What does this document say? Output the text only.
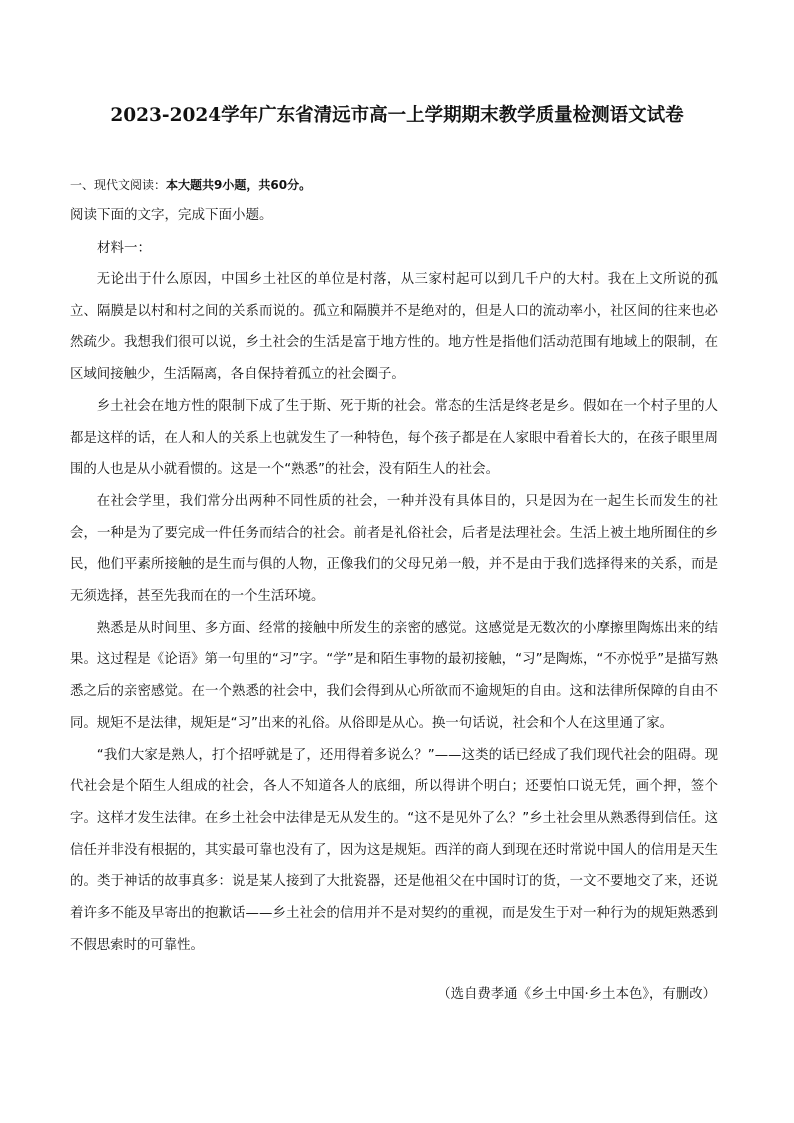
2023-2024学年广东省清远市高一上学期期末教学质量检测语文试卷
一、现代文阅读：本大题共9小题，共60分。
阅读下面的文字，完成下面小题。
材料一：

无论出于什么原因，中国乡土社区的单位是村落，从三家村起可以到几千户的大村。我在上文所说的孤立、隔膜是以村和村之间的关系而说的。孤立和隔膜并不是绝对的，但是人口的流动率小，社区间的往来也必然疏少。我想我们很可以说，乡土社会的生活是富于地方性的。地方性是指他们活动范围有地域上的限制，在区域间接触少，生活隔离，各自保持着孤立的社会圈子。

乡土社会在地方性的限制下成了生于斯、死于斯的社会。常态的生活是终老是乡。假如在一个村子里的人都是这样的话，在人和人的关系上也就发生了一种特色，每个孩子都是在人家眼中看着长大的，在孩子眼里周围的人也是从小就看惯的。这是一个“熟悉”的社会，没有陌生人的社会。

在社会学里，我们常分出两种不同性质的社会，一种并没有具体目的，只是因为在一起生长而发生的社会，一种是为了要完成一件任务而结合的社会。前者是礼俗社会，后者是法理社会。生活上被土地所囿住的乡民，他们平素所接触的是生而与俱的人物，正像我们的父母兄弟一般，并不是由于我们选择得来的关系，而是无须选择，甚至先我而在的一个生活环境。

熟悉是从时间里、多方面、经常的接触中所发生的亲密的感觉。这感觉是无数次的小摩擦里陶炼出来的结果。这过程是《论语》第一句里的“习”字。“学”是和陌生事物的最初接触，“习”是陶炼，“不亦悦乎”是描写熟悉之后的亲密感觉。在一个熟悉的社会中，我们会得到从心所欲而不逾规矩的自由。这和法律所保障的自由不同。规矩不是法律，规矩是“习”出来的礼俗。从俗即是从心。换一句话说，社会和个人在这里通了家。

“我们大家是熟人，打个招呼就是了，还用得着多说么？”——这类的话已经成了我们现代社会的阻碍。现代社会是个陌生人组成的社会，各人不知道各人的底细，所以得讲个明白；还要怕口说无凭，画个押，签个字。这样才发生法律。在乡土社会中法律是无从发生的。“这不是见外了么？”乡土社会里从熟悉得到信任。这信任并非没有根据的，其实最可靠也没有了，因为这是规矩。西洋的商人到现在还时常说中国人的信用是天生的。类于神话的故事真多：说是某人接到了大批瓷器，还是他祖父在中国时订的货，一文不要地交了来，还说着许多不能及早寄出的抱歉话——乡土社会的信用并不是对契约的重视，而是发生于对一种行为的规矩熟悉到不假思索时的可靠性。

（选自费孝通《乡土中国·乡土本色》，有删改）
